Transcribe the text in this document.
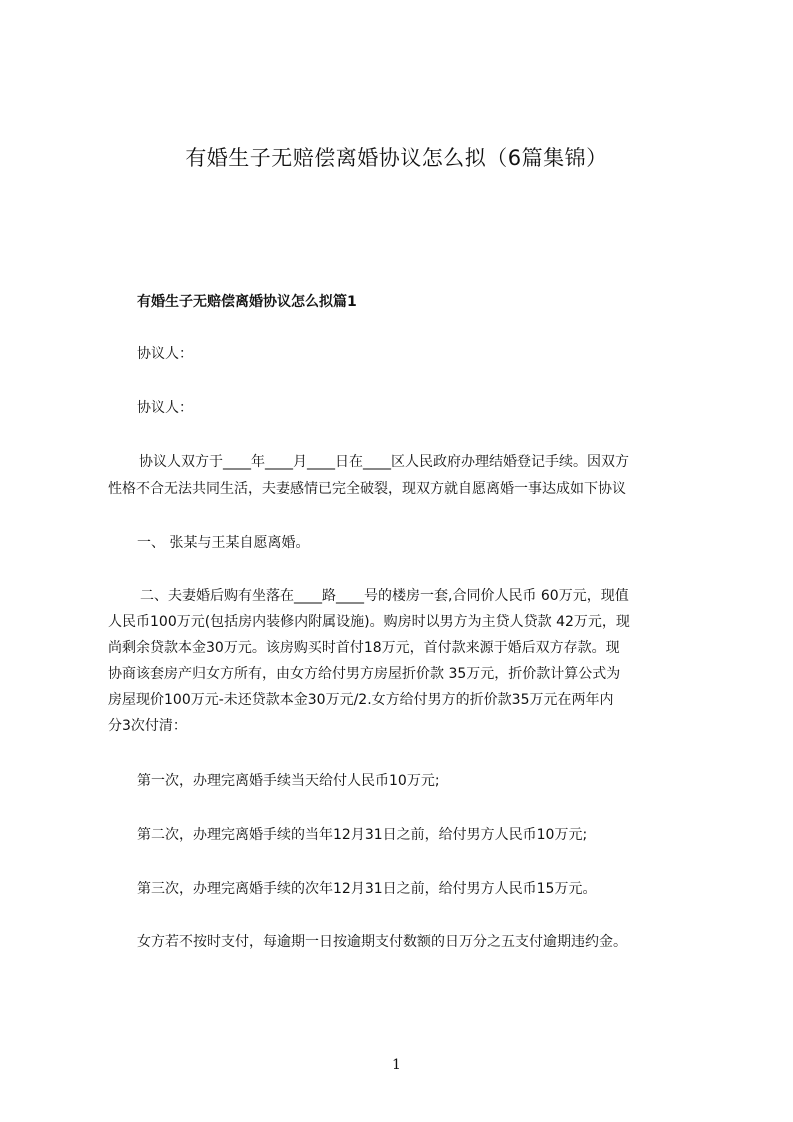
有婚生子无赔偿离婚协议怎么拟（6篇集锦）
有婚生子无赔偿离婚协议怎么拟篇1
协议人：
协议人：
协议人双方于____年____月____日在____区人民政府办理结婚登记手续。因双方
性格不合无法共同生活，夫妻感情已完全破裂，现双方就自愿离婚一事达成如下协议
一、 张某与王某自愿离婚。
二、夫妻婚后购有坐落在____路____号的楼房一套,合同价人民币 60万元，现值
人民币100万元(包括房内装修内附属设施)。购房时以男方为主贷人贷款 42万元，现
尚剩余贷款本金30万元。该房购买时首付18万元，首付款来源于婚后双方存款。现
协商该套房产归女方所有，由女方给付男方房屋折价款 35万元，折价款计算公式为
房屋现价100万元-未还贷款本金30万元/2.女方给付男方的折价款35万元在两年内
分3次付清：
第一次，办理完离婚手续当天给付人民币10万元;
第二次，办理完离婚手续的当年12月31日之前，给付男方人民币10万元;
第三次，办理完离婚手续的次年12月31日之前，给付男方人民币15万元。
女方若不按时支付，每逾期一日按逾期支付数额的日万分之五支付逾期违约金。
1
